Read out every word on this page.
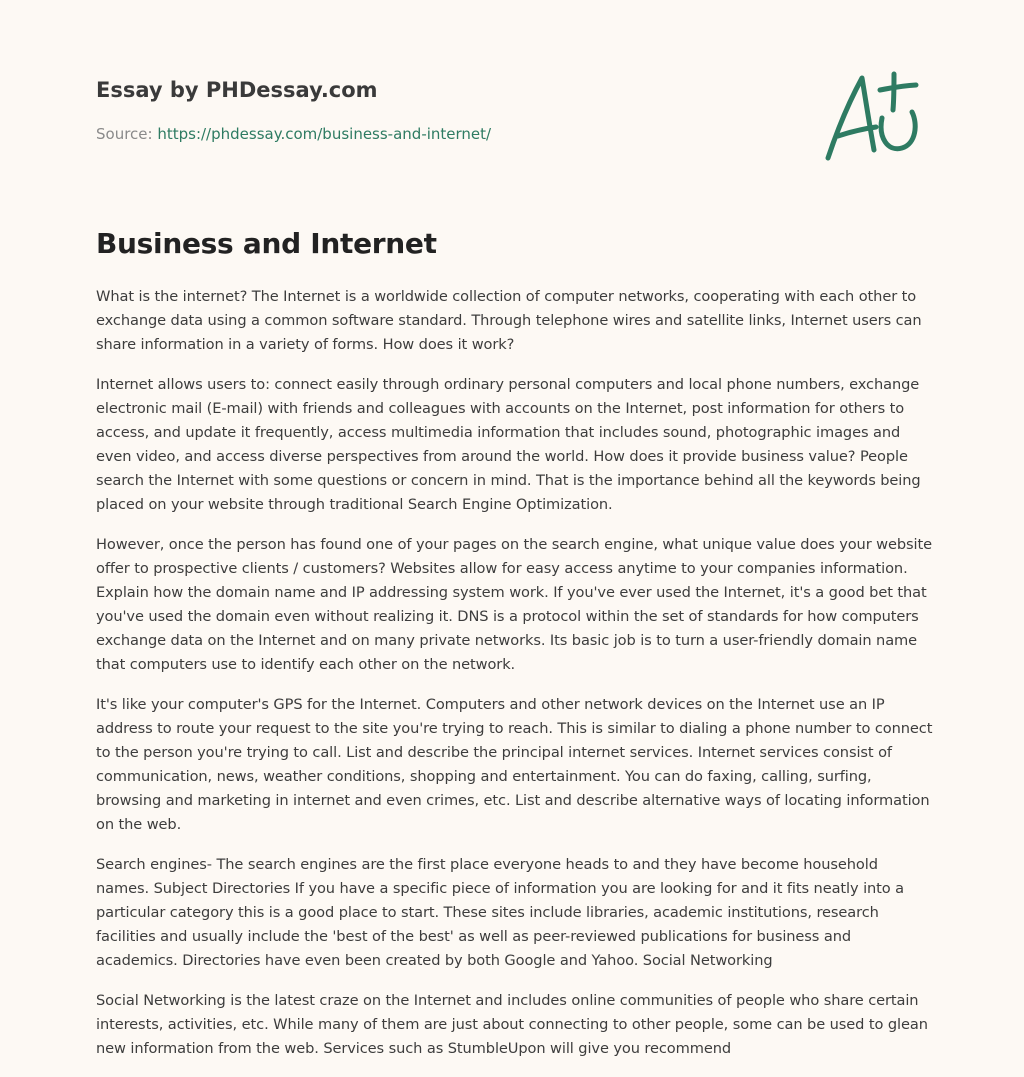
Essay by PHDessay.com
Source: https://phdessay.com/business-and-internet/
Business and Internet

What is the internet? The Internet is a worldwide collection of computer networks, cooperating with each other to exchange data using a common software standard. Through telephone wires and satellite links, Internet users can share information in a variety of forms. How does it work?

Internet allows users to: connect easily through ordinary personal computers and local phone numbers, exchange electronic mail (E-mail) with friends and colleagues with accounts on the Internet, post information for others to access, and update it frequently, access multimedia information that includes sound, photographic images and even video, and access diverse perspectives from around the world. How does it provide business value? People search the Internet with some questions or concern in mind. That is the importance behind all the keywords being placed on your website through traditional Search Engine Optimization.

However, once the person has found one of your pages on the search engine, what unique value does your website offer to prospective clients / customers? Websites allow for easy access anytime to your companies information. Explain how the domain name and IP addressing system work. If you've ever used the Internet, it's a good bet that you've used the domain even without realizing it. DNS is a protocol within the set of standards for how computers exchange data on the Internet and on many private networks. Its basic job is to turn a user-friendly domain name that computers use to identify each other on the network.

It's like your computer's GPS for the Internet. Computers and other network devices on the Internet use an IP address to route your request to the site you're trying to reach. This is similar to dialing a phone number to connect to the person you're trying to call. List and describe the principal internet services. Internet services consist of communication, news, weather conditions, shopping and entertainment. You can do faxing, calling, surfing, browsing and marketing in internet and even crimes, etc. List and describe alternative ways of locating information on the web.

Search engines- The search engines are the first place everyone heads to and they have become household names. Subject Directories If you have a specific piece of information you are looking for and it fits neatly into a particular category this is a good place to start. These sites include libraries, academic institutions, research facilities and usually include the 'best of the best' as well as peer-reviewed publications for business and academics. Directories have even been created by both Google and Yahoo. Social Networking

Social Networking is the latest craze on the Internet and includes online communities of people who share certain interests, activities, etc. While many of them are just about connecting to other people, some can be used to glean new information from the web. Services such as StumbleUpon will give you recommend
